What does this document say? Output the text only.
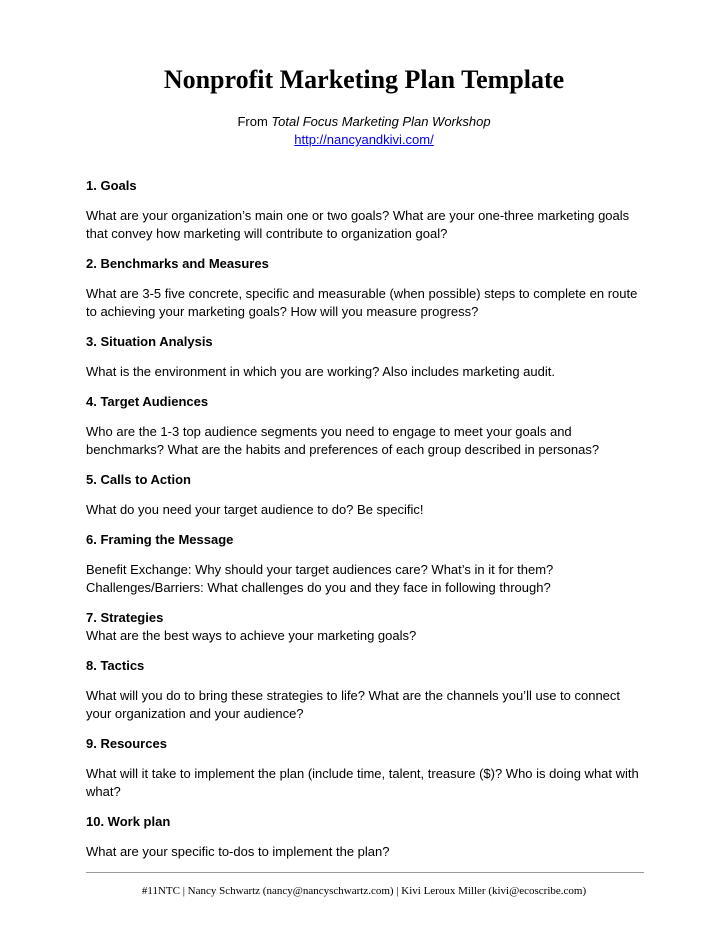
Nonprofit Marketing Plan Template
From Total Focus Marketing Plan Workshop
http://nancyandkivi.com/

1. Goals

What are your organization’s main one or two goals? What are your one-three marketing goals that convey how marketing will contribute to organization goal?

2. Benchmarks and Measures

What are 3-5 five concrete, specific and measurable (when possible) steps to complete en route to achieving your marketing goals? How will you measure progress?

3. Situation Analysis

What is the environment in which you are working? Also includes marketing audit.

4. Target Audiences

Who are the 1-3 top audience segments you need to engage to meet your goals and benchmarks? What are the habits and preferences of each group described in personas?

5. Calls to Action

What do you need your target audience to do? Be specific!

6. Framing the Message

Benefit Exchange: Why should your target audiences care? What’s in it for them?

Challenges/Barriers: What challenges do you and they face in following through?

7. Strategies

What are the best ways to achieve your marketing goals?

8. Tactics

What will you do to bring these strategies to life? What are the channels you’ll use to connect your organization and your audience?

9. Resources

What will it take to implement the plan (include time, talent, treasure ($)? Who is doing what with what?

10. Work plan

What are your specific to-dos to implement the plan?

#11NTC | Nancy Schwartz (nancy@nancyschwartz.com) | Kivi Leroux Miller (kivi@ecoscribe.com)
